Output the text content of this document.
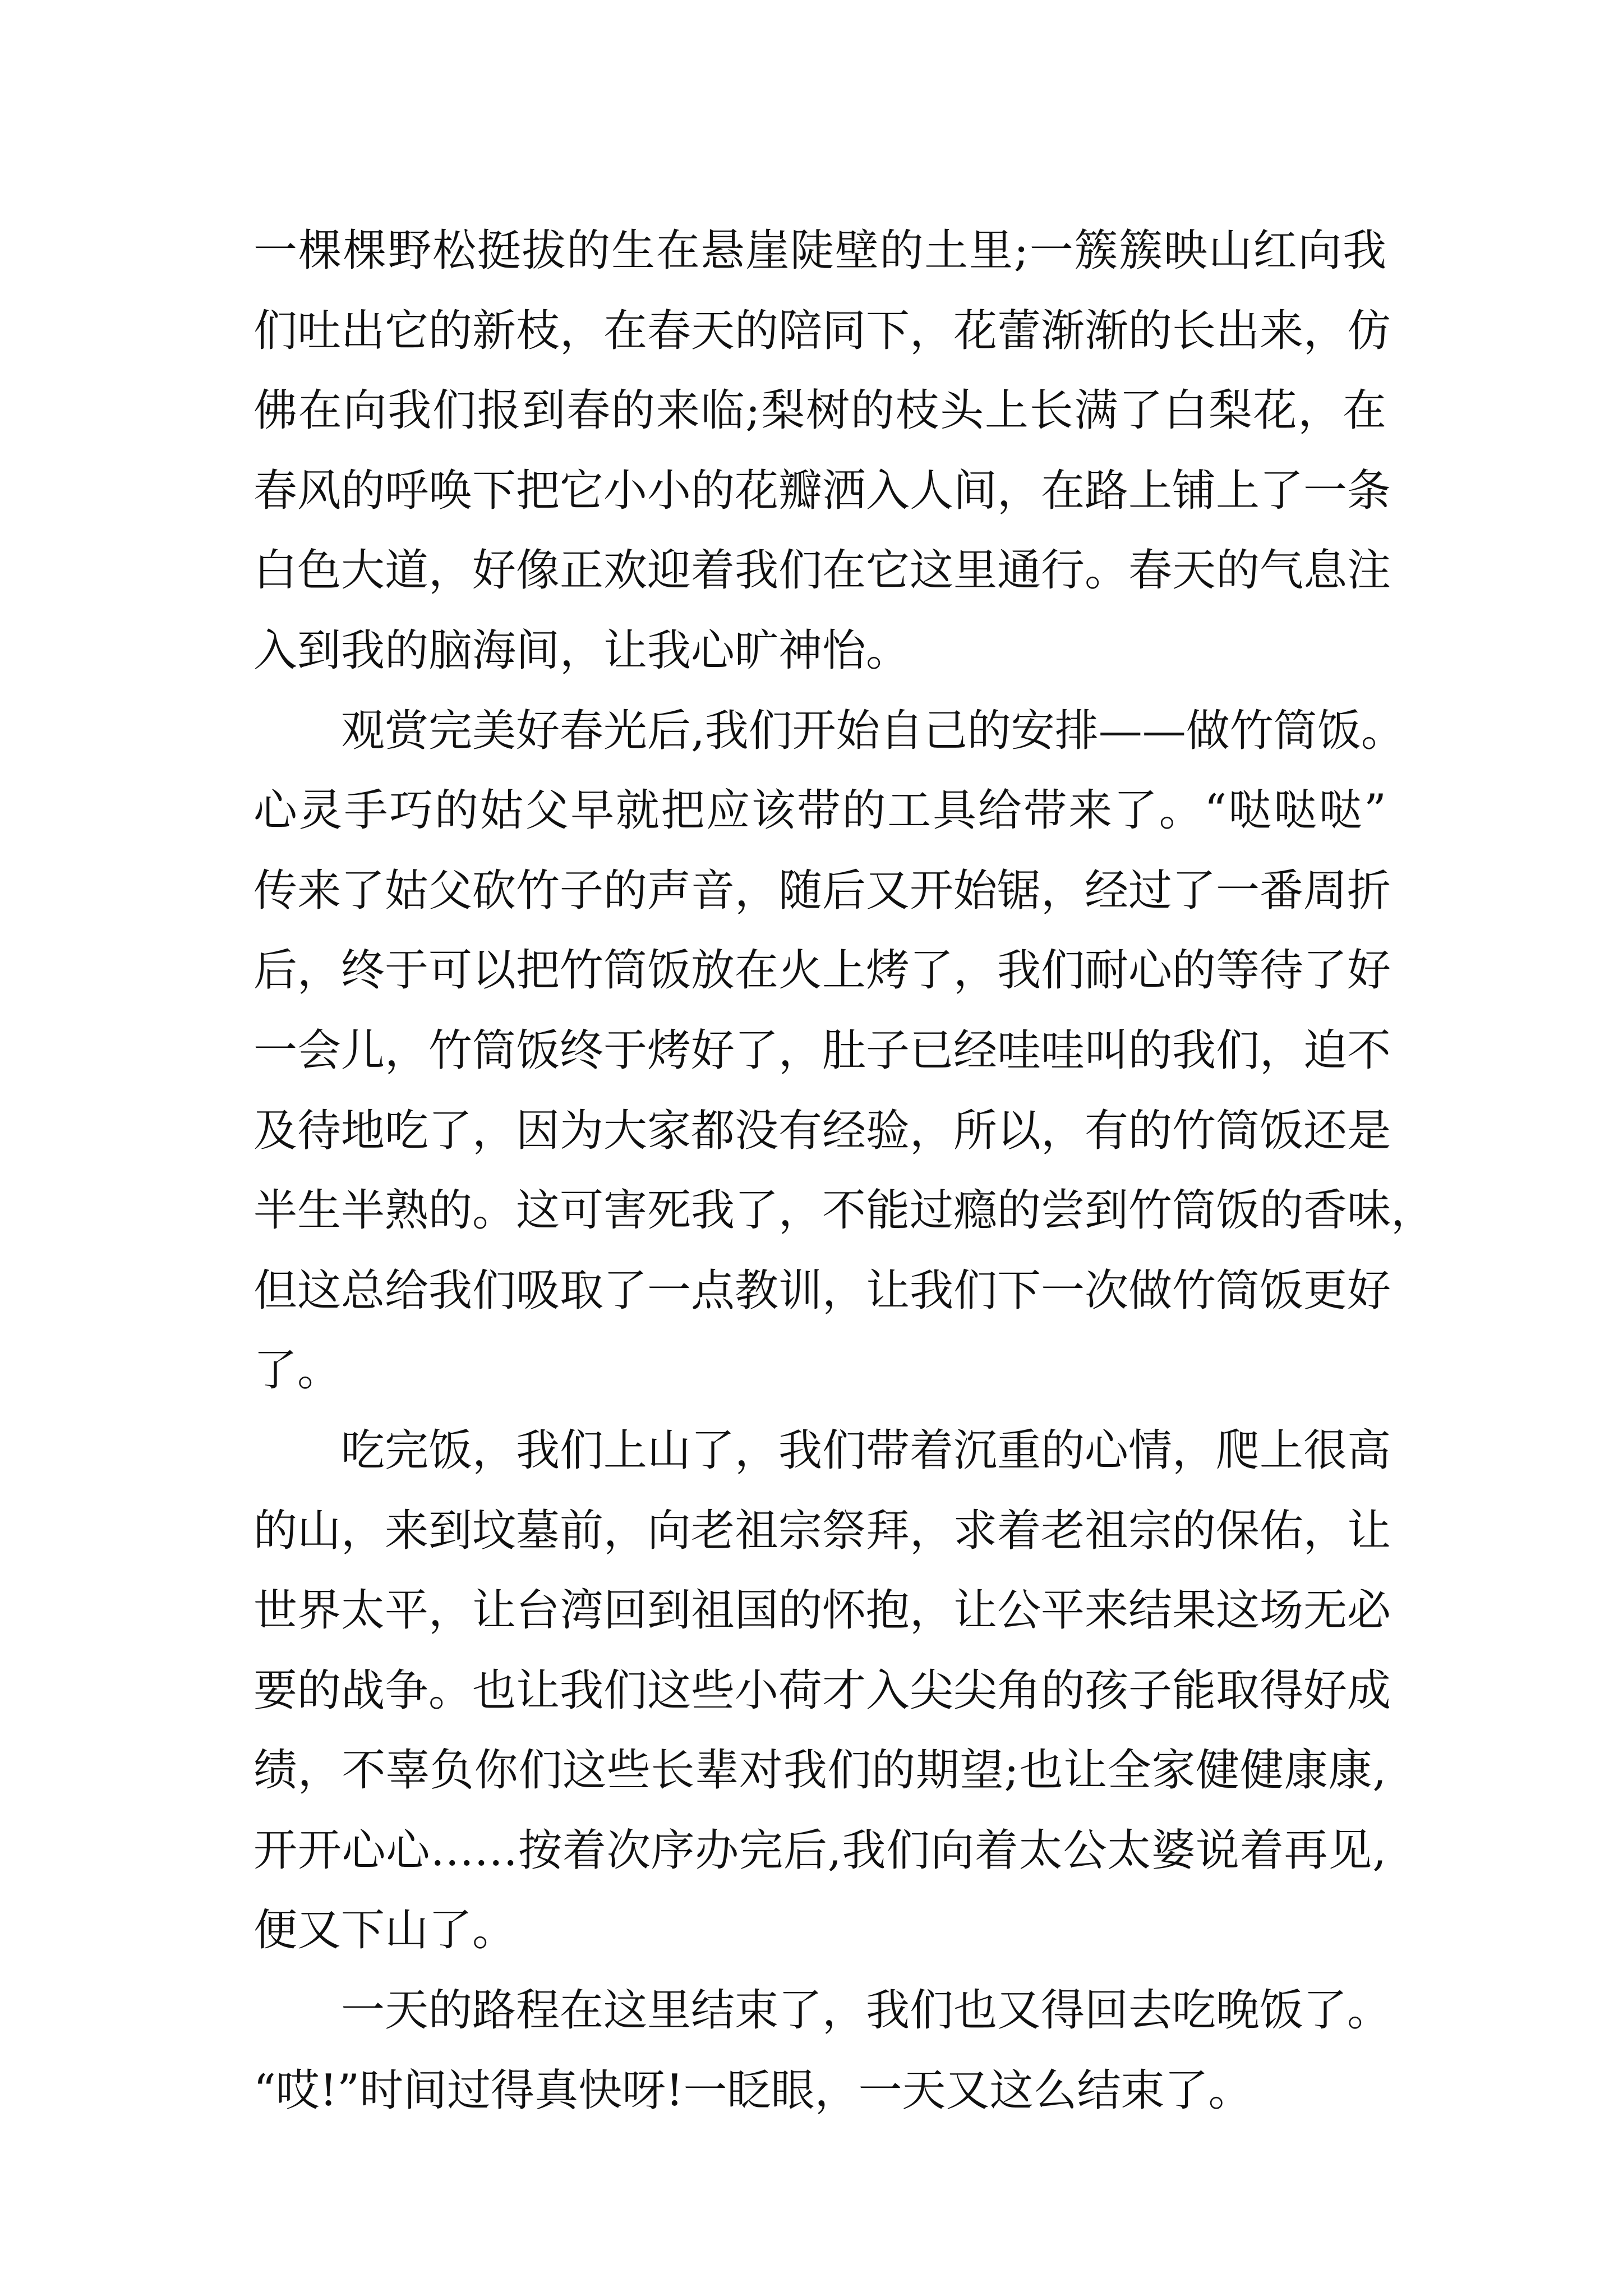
一棵棵野松挺拔的生在悬崖陡壁的土里;一簇簇映山红向我
们吐出它的新枝，在春天的陪同下，花蕾渐渐的长出来，仿
佛在向我们报到春的来临;梨树的枝头上长满了白梨花，在
春风的呼唤下把它小小的花瓣洒入人间，在路上铺上了一条
白色大道，好像正欢迎着我们在它这里通行。春天的气息注
入到我的脑海间，让我心旷神怡。
观赏完美好春光后,我们开始自己的安排——做竹筒饭。
心灵手巧的姑父早就把应该带的工具给带来了。“哒哒哒”
传来了姑父砍竹子的声音，随后又开始锯，经过了一番周折
后，终于可以把竹筒饭放在火上烤了，我们耐心的等待了好
一会儿，竹筒饭终于烤好了，肚子已经哇哇叫的我们，迫不
及待地吃了，因为大家都没有经验，所以，有的竹筒饭还是
半生半熟的。这可害死我了，不能过瘾的尝到竹筒饭的香味，
但这总给我们吸取了一点教训，让我们下一次做竹筒饭更好
了。
吃完饭，我们上山了，我们带着沉重的心情，爬上很高
的山，来到坟墓前，向老祖宗祭拜，求着老祖宗的保佑，让
世界太平，让台湾回到祖国的怀抱，让公平来结果这场无必
要的战争。也让我们这些小荷才入尖尖角的孩子能取得好成
绩，不辜负你们这些长辈对我们的期望;也让全家健健康康,
开开心心……按着次序办完后,我们向着太公太婆说着再见,
便又下山了。
一天的路程在这里结束了，我们也又得回去吃晚饭了。
“哎!”时间过得真快呀!一眨眼，一天又这么结束了。
